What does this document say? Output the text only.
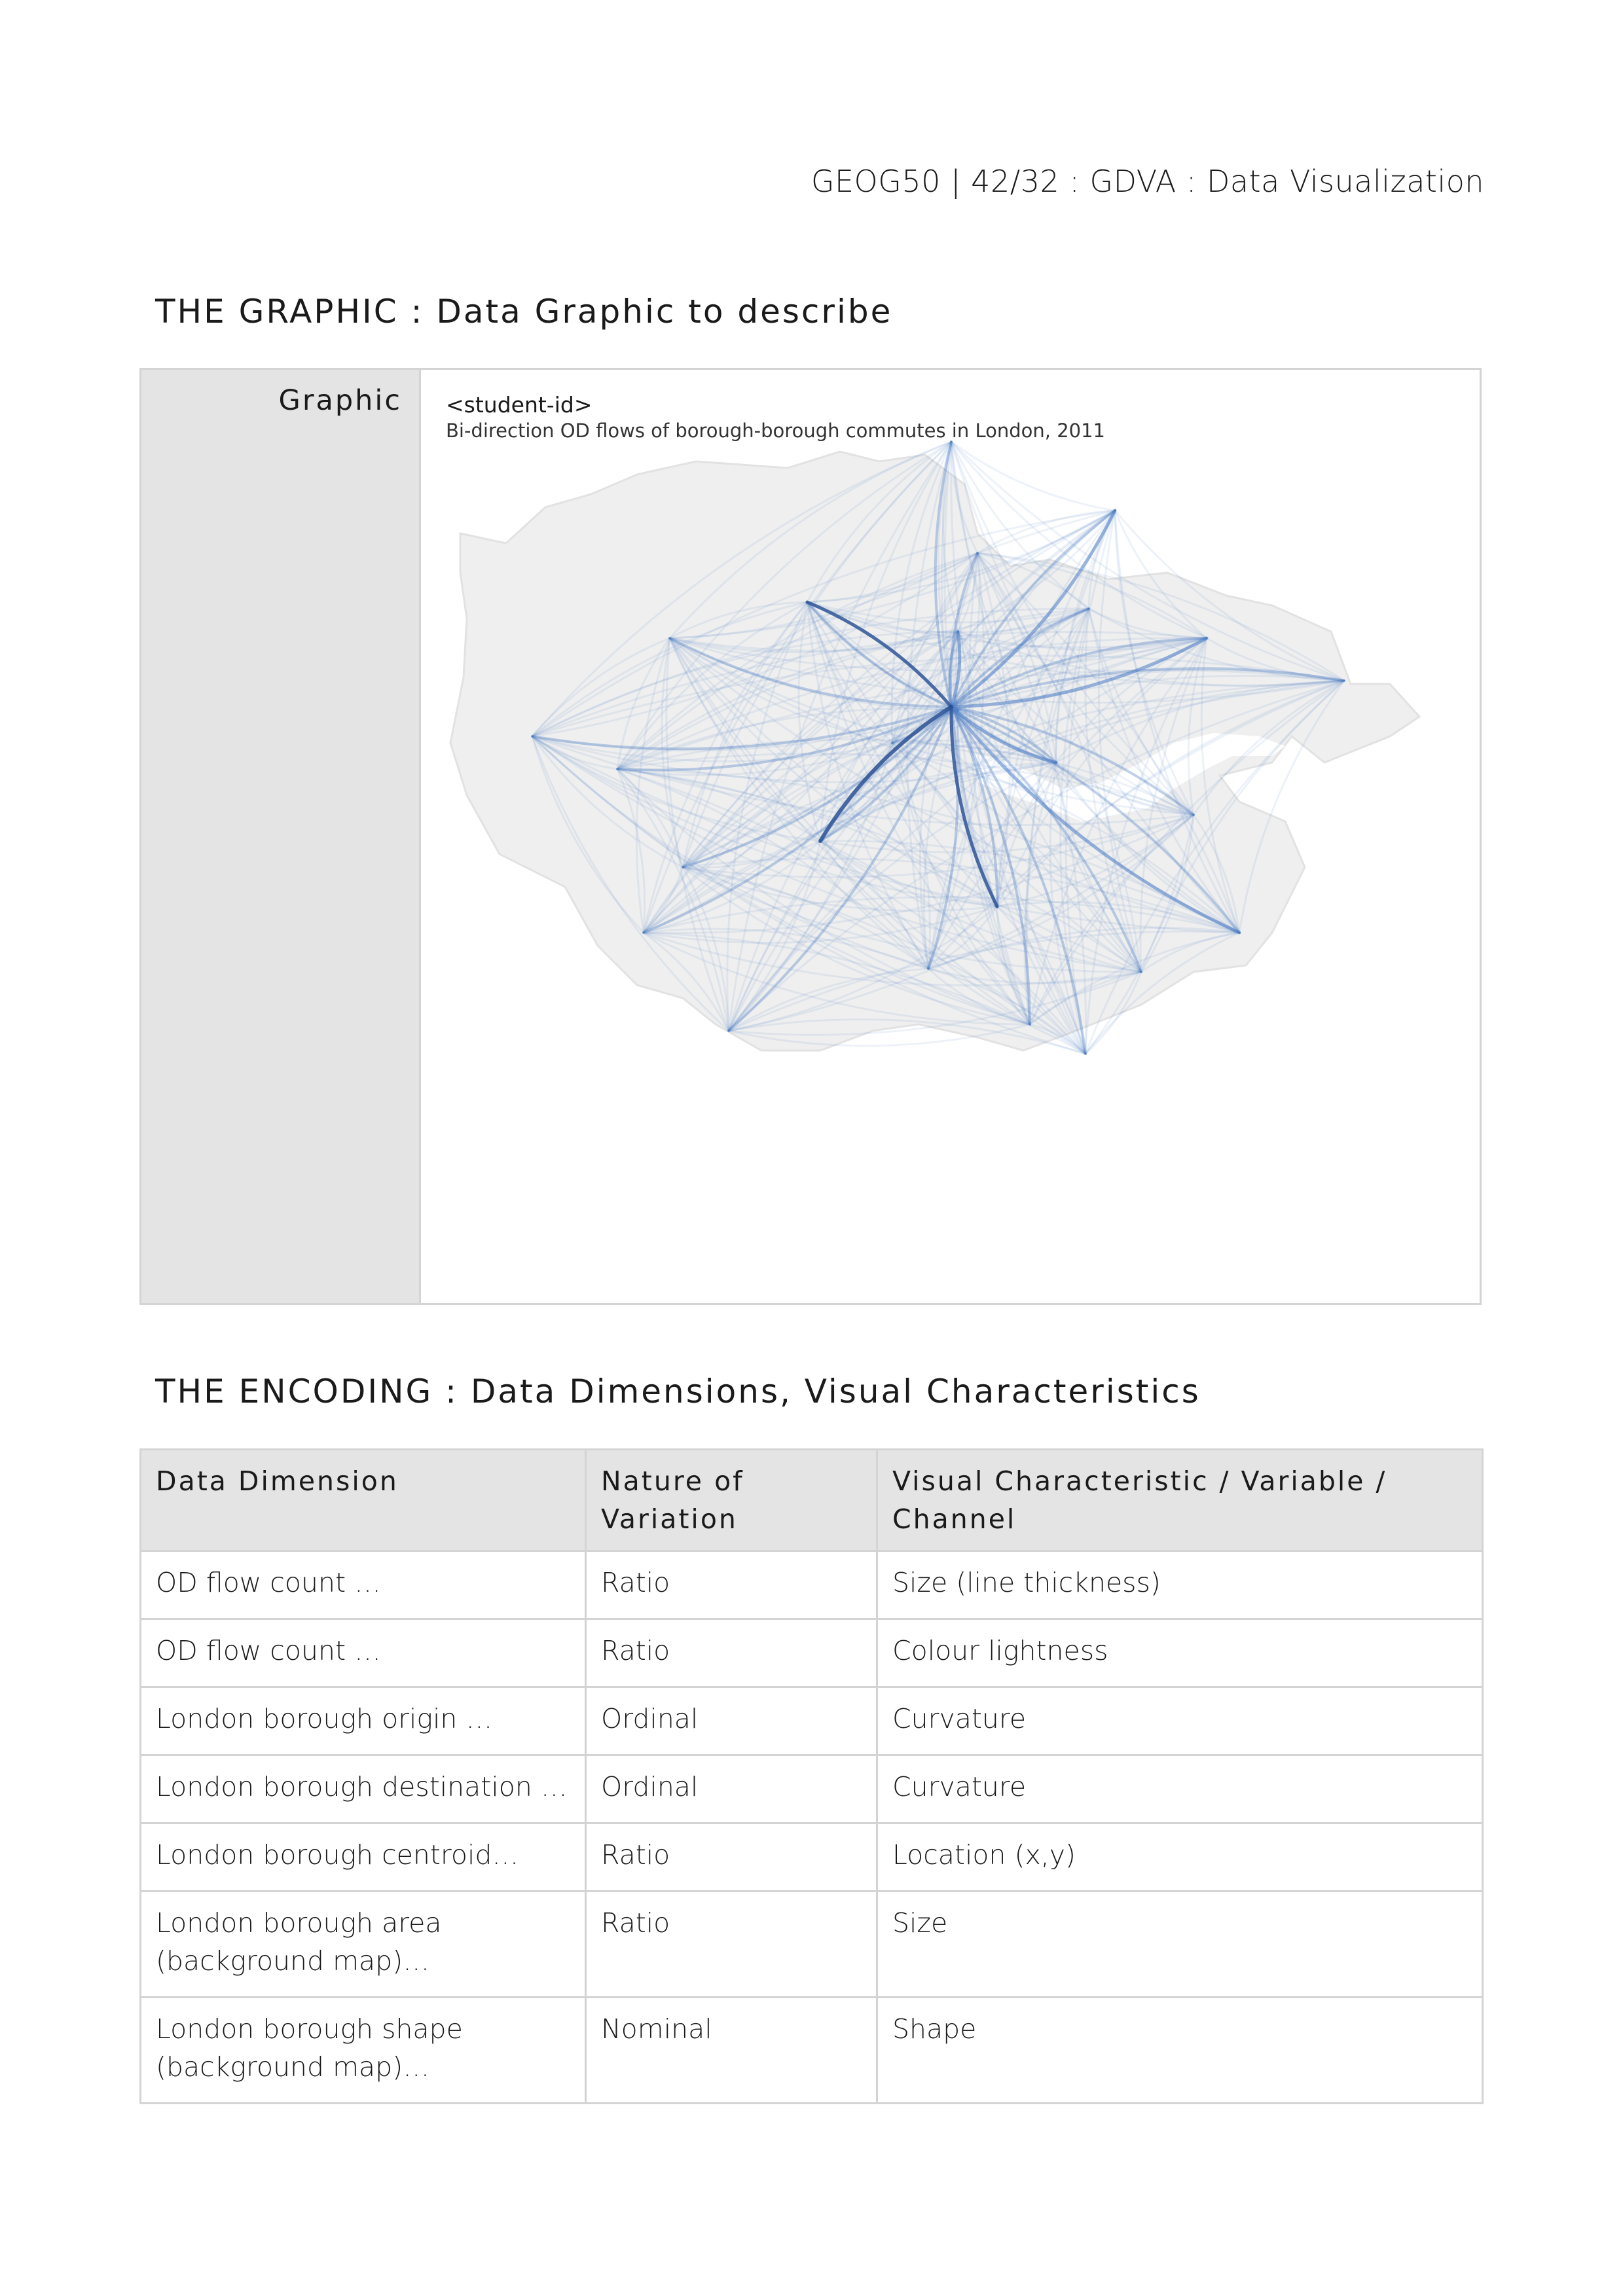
GEOG50 | 42/32 : GDVA : Data Visualization
THE GRAPHIC : Data Graphic to describe
Graphic <student-id>
Bi-direction OD flows of borough-borough commutes in London, 2011
THE ENCODING : Data Dimensions, Visual Characteristics
Data Dimension	Nature of Variation	Visual Characteristic / Variable / Channel
OD flow count …	Ratio	Size (line thickness)
OD flow count …	Ratio	Colour lightness
London borough origin …	Ordinal	Curvature
London borough destination …	Ordinal	Curvature
London borough centroid…	Ratio	Location (x,y)
London borough area (background map)…	Ratio	Size
London borough shape (background map)…	Nominal	Shape
